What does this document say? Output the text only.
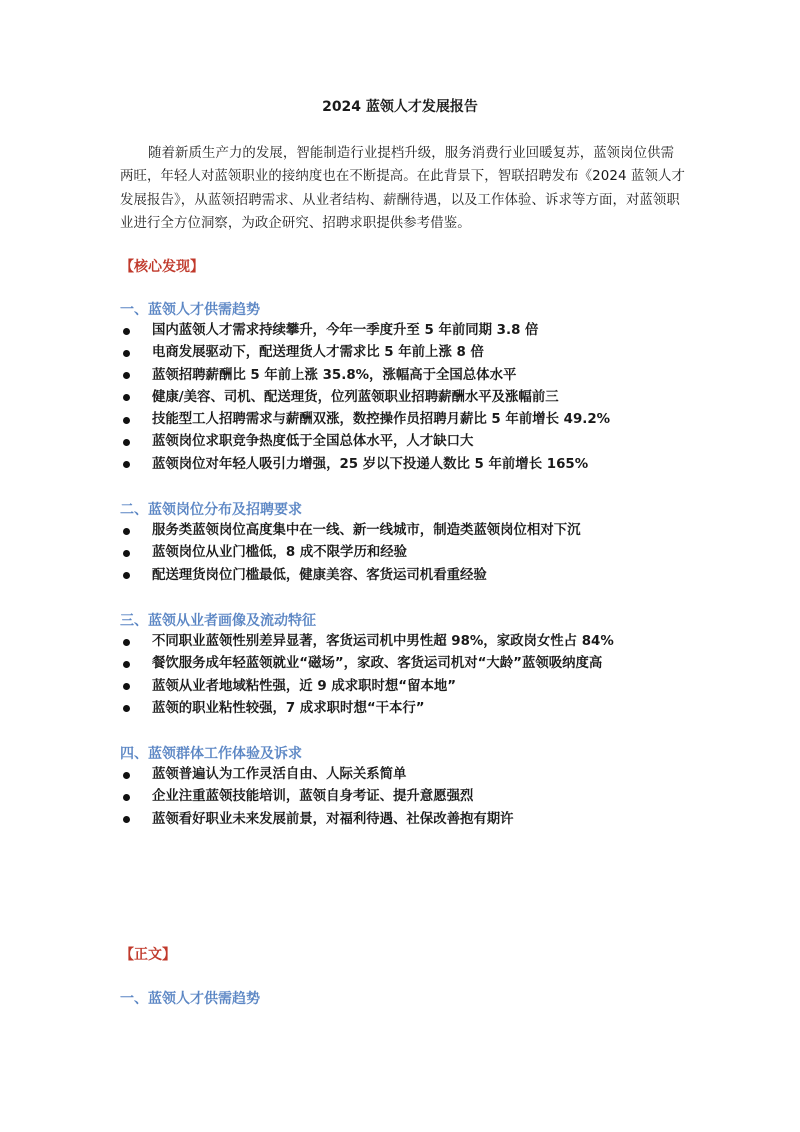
2024 蓝领人才发展报告
随着新质生产力的发展，智能制造行业提档升级，服务消费行业回暖复苏，蓝领岗位供需两旺，年轻人对蓝领职业的接纳度也在不断提高。在此背景下，智联招聘发布《2024 蓝领人才发展报告》，从蓝领招聘需求、从业者结构、薪酬待遇，以及工作体验、诉求等方面，对蓝领职业进行全方位洞察，为政企研究、招聘求职提供参考借鉴。
【核心发现】
一、蓝领人才供需趋势
国内蓝领人才需求持续攀升，今年一季度升至 5 年前同期 3.8 倍
电商发展驱动下，配送理货人才需求比 5 年前上涨 8 倍
蓝领招聘薪酬比 5 年前上涨 35.8%，涨幅高于全国总体水平
健康/美容、司机、配送理货，位列蓝领职业招聘薪酬水平及涨幅前三
技能型工人招聘需求与薪酬双涨，数控操作员招聘月薪比 5 年前增长 49.2%
蓝领岗位求职竞争热度低于全国总体水平，人才缺口大
蓝领岗位对年轻人吸引力增强，25 岁以下投递人数比 5 年前增长 165%
二、蓝领岗位分布及招聘要求
服务类蓝领岗位高度集中在一线、新一线城市，制造类蓝领岗位相对下沉
蓝领岗位从业门槛低，8 成不限学历和经验
配送理货岗位门槛最低，健康美容、客货运司机看重经验
三、蓝领从业者画像及流动特征
不同职业蓝领性别差异显著，客货运司机中男性超 98%，家政岗女性占 84%
餐饮服务成年轻蓝领就业“磁场”，家政、客货运司机对“大龄”蓝领吸纳度高
蓝领从业者地域粘性强，近 9 成求职时想“留本地”
蓝领的职业粘性较强，7 成求职时想“干本行”
四、蓝领群体工作体验及诉求
蓝领普遍认为工作灵活自由、人际关系简单
企业注重蓝领技能培训，蓝领自身考证、提升意愿强烈
蓝领看好职业未来发展前景，对福利待遇、社保改善抱有期许
【正文】
一、蓝领人才供需趋势
